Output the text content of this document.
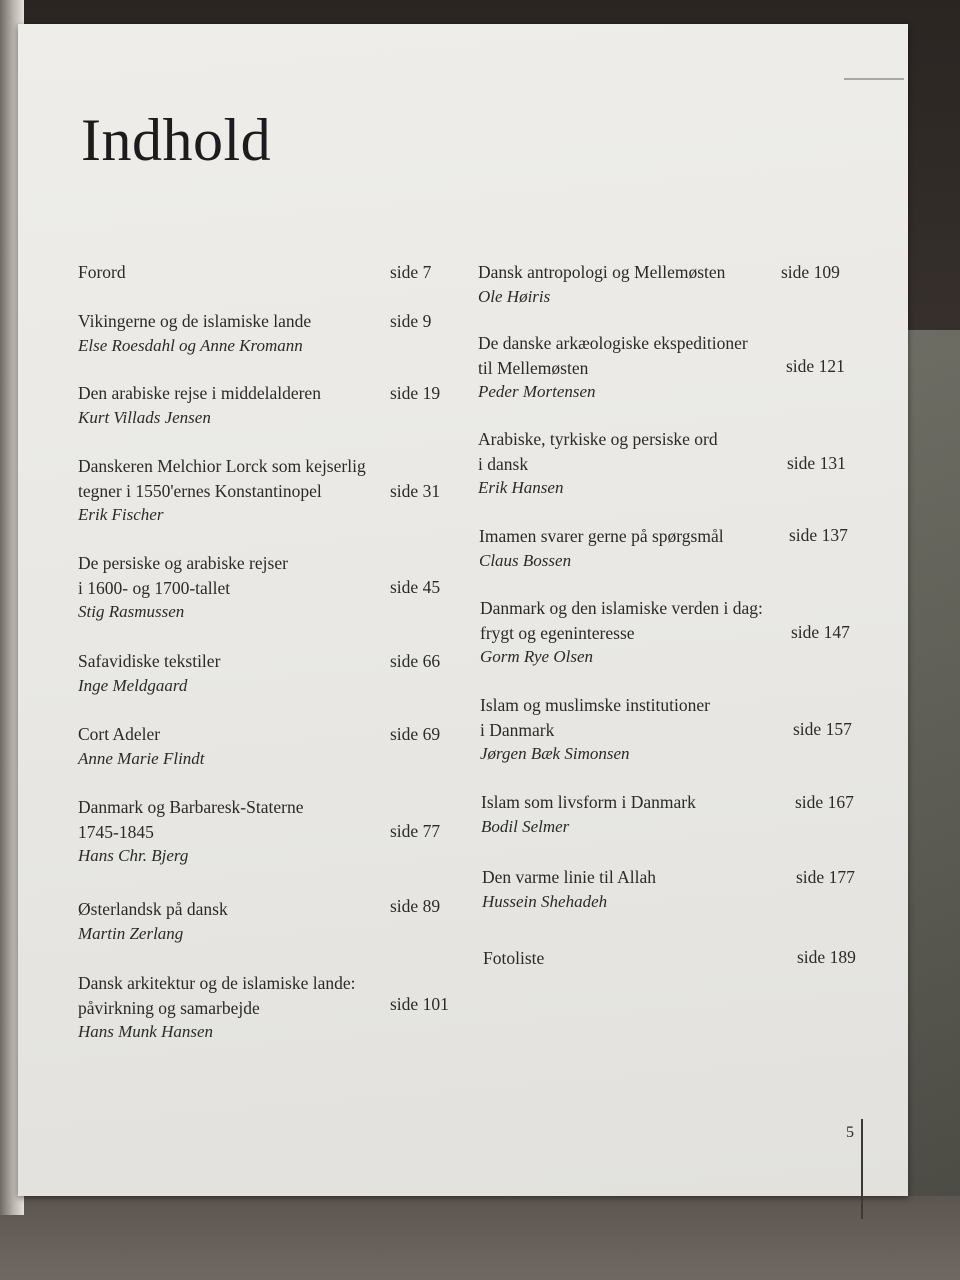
Indhold
Forord	side 7
Vikingerne og de islamiske lande
Else Roesdahl og Anne Kromann
side 9
Den arabiske rejse i middelalderen
Kurt Villads Jensen
side 19
Danskeren Melchior Lorck som kejserlig
tegner i 1550'ernes Konstantinopel
Erik Fischer
side 31
De persiske og arabiske rejser
i 1600- og 1700-tallet
Stig Rasmussen
side 45
Safavidiske tekstiler
Inge Meldgaard
side 66
Cort Adeler
Anne Marie Flindt
side 69
Danmark og Barbaresk-Staterne
1745-1845
Hans Chr. Bjerg
side 77
Østerlandsk på dansk
Martin Zerlang
side 89
Dansk arkitektur og de islamiske lande:
påvirkning og samarbejde
Hans Munk Hansen
side 101
Dansk antropologi og Mellemøsten
Ole Høiris
side 109
De danske arkæologiske ekspeditioner
til Mellemøsten
Peder Mortensen
side 121
Arabiske, tyrkiske og persiske ord
i dansk
Erik Hansen
side 131
Imamen svarer gerne på spørgsmål
Claus Bossen
side 137
Danmark og den islamiske verden i dag:
frygt og egeninteresse
Gorm Rye Olsen
side 147
Islam og muslimske institutioner
i Danmark
Jørgen Bæk Simonsen
side 157
Islam som livsform i Danmark
Bodil Selmer
side 167
Den varme linie til Allah
Hussein Shehadeh
side 177
Fotoliste	side 189
5
